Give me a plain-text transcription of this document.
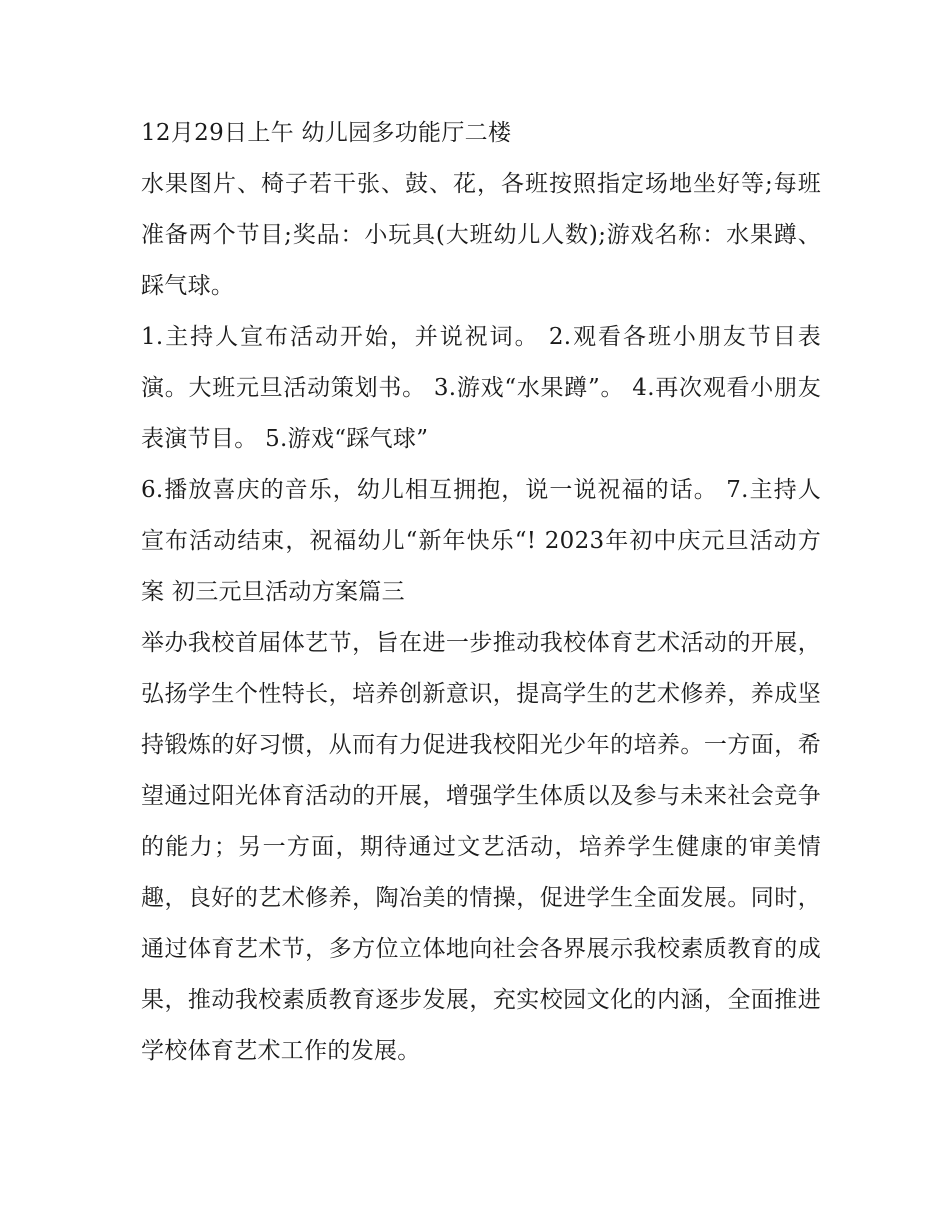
12月29日上午 幼儿园多功能厅二楼

水果图片、椅子若干张、鼓、花，各班按照指定场地坐好等;每班准备两个节目;奖品：小玩具(大班幼儿人数);游戏名称：水果蹲、踩气球。

1.主持人宣布活动开始，并说祝词。 2.观看各班小朋友节目表演。大班元旦活动策划书。 3.游戏“水果蹲”。 4.再次观看小朋友表演节目。 5.游戏“踩气球”

6.播放喜庆的音乐，幼儿相互拥抱，说一说祝福的话。 7.主持人宣布活动结束，祝福幼儿“新年快乐“! 2023年初中庆元旦活动方案 初三元旦活动方案篇三

举办我校首届体艺节，旨在进一步推动我校体育艺术活动的开展，弘扬学生个性特长，培养创新意识，提高学生的艺术修养，养成坚持锻炼的好习惯，从而有力促进我校阳光少年的培养。一方面，希望通过阳光体育活动的开展，增强学生体质以及参与未来社会竞争的能力；另一方面，期待通过文艺活动，培养学生健康的审美情趣，良好的艺术修养，陶冶美的情操，促进学生全面发展。同时，通过体育艺术节，多方位立体地向社会各界展示我校素质教育的成果，推动我校素质教育逐步发展，充实校园文化的内涵，全面推进学校体育艺术工作的发展。
